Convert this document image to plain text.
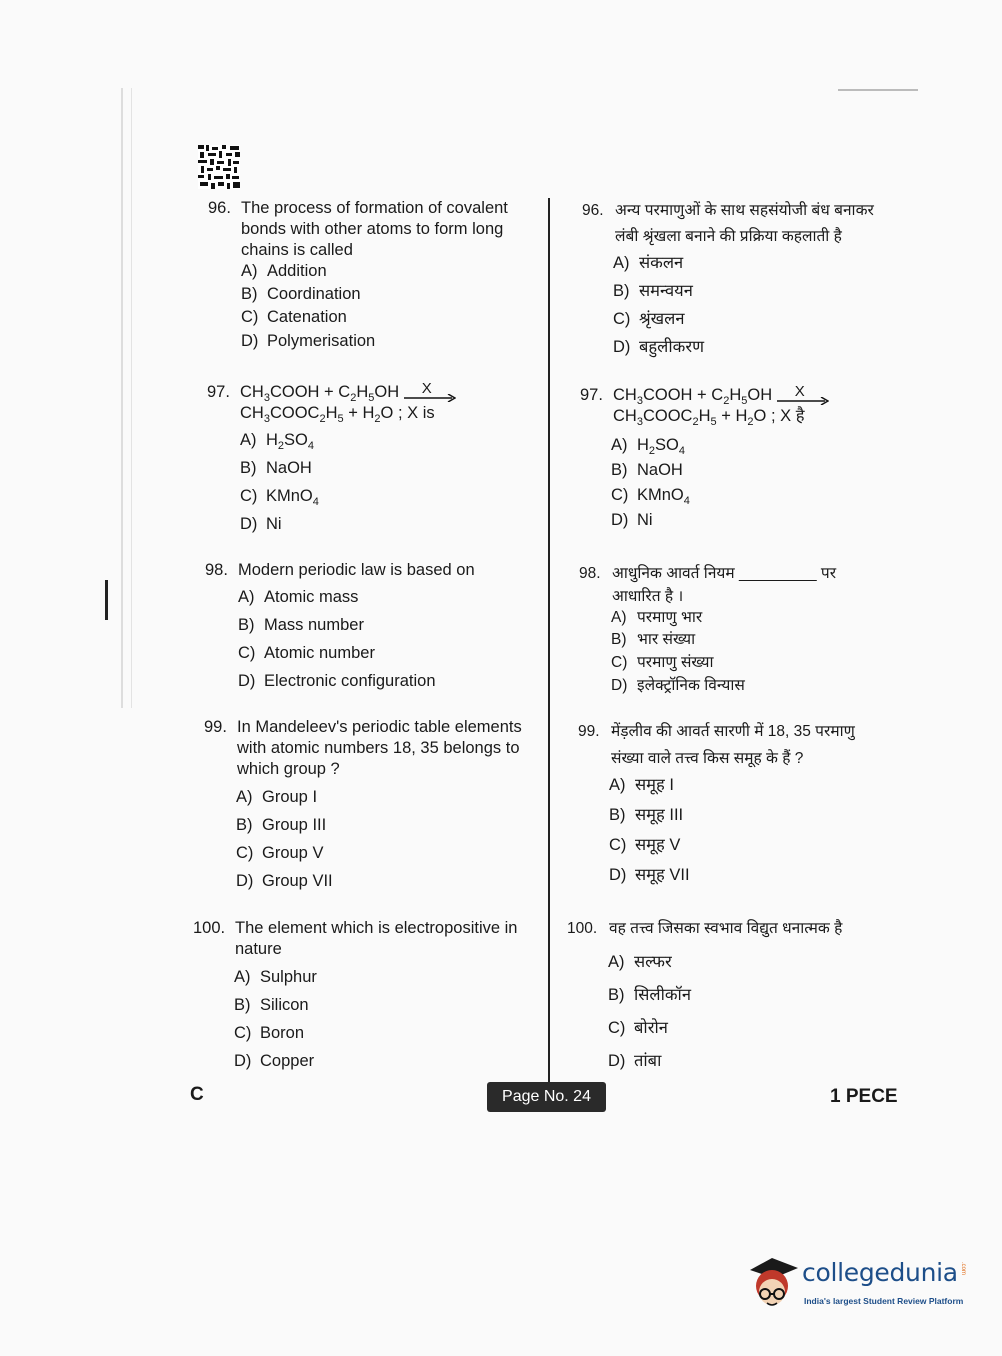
96. The process of formation of covalent bonds with other atoms to form long chains is called
A) Addition
B) Coordination
C) Catenation
D) Polymerisation
97. $CH_3COOH + C_2H_5OH$ X

$CH_3COOC_2H_5 + H_2O$ ; X is
A) $H_2SO_4$
B) NaOH
C) KMnO$_4$
D) Ni
98. Modern periodic law is based on
A) Atomic mass
B) Mass number
C) Atomic number
D) Electronic configuration
99. In Mandeleev's periodic table elements with atomic numbers 18, 35 belongs to which group ?
A) Group I
B) Group III
C) Group V
D) Group VII
100. The element which is electropositive in nature
A) Sulphur
B) Silicon
C) Boron
D) Copper
96. अन्य परमाणुओं के साथ सहसंयोजी बंध बनाकर
लंबी श्रृंखला बनाने की प्रक्रिया कहलाती है
A) संकलन
B) समन्वयन
C) श्रृंखलन
D) बहुलीकरण
97. $CH_3COOH + C_2H_5OH$ X

$CH_3COOC_2H_5 + H_2O$ ; X है
A) $H_2SO_4$
B) NaOH
C) KMnO$_4$
D) Ni
98. आधुनिक आवर्त नियम _________ पर
आधारित है ।
A) परमाणु भार
B) भार संख्या
C) परमाणु संख्या
D) इलेक्ट्रॉनिक विन्यास
99. मेंड़लीव की आवर्त सारणी में 18, 35 परमाणु
संख्या वाले तत्त्व किस समूह के हैं ?
A) समूह I
B) समूह III
C) समूह V
D) समूह VII
100. वह तत्त्व जिसका स्वभाव विद्युत धनात्मक है
A) सल्फर
B) सिलीकॉन
C) बोरोन
D) तांबा
C	Page No. 24	1 PECE
collegedunia .com
India's largest Student Review Platform
